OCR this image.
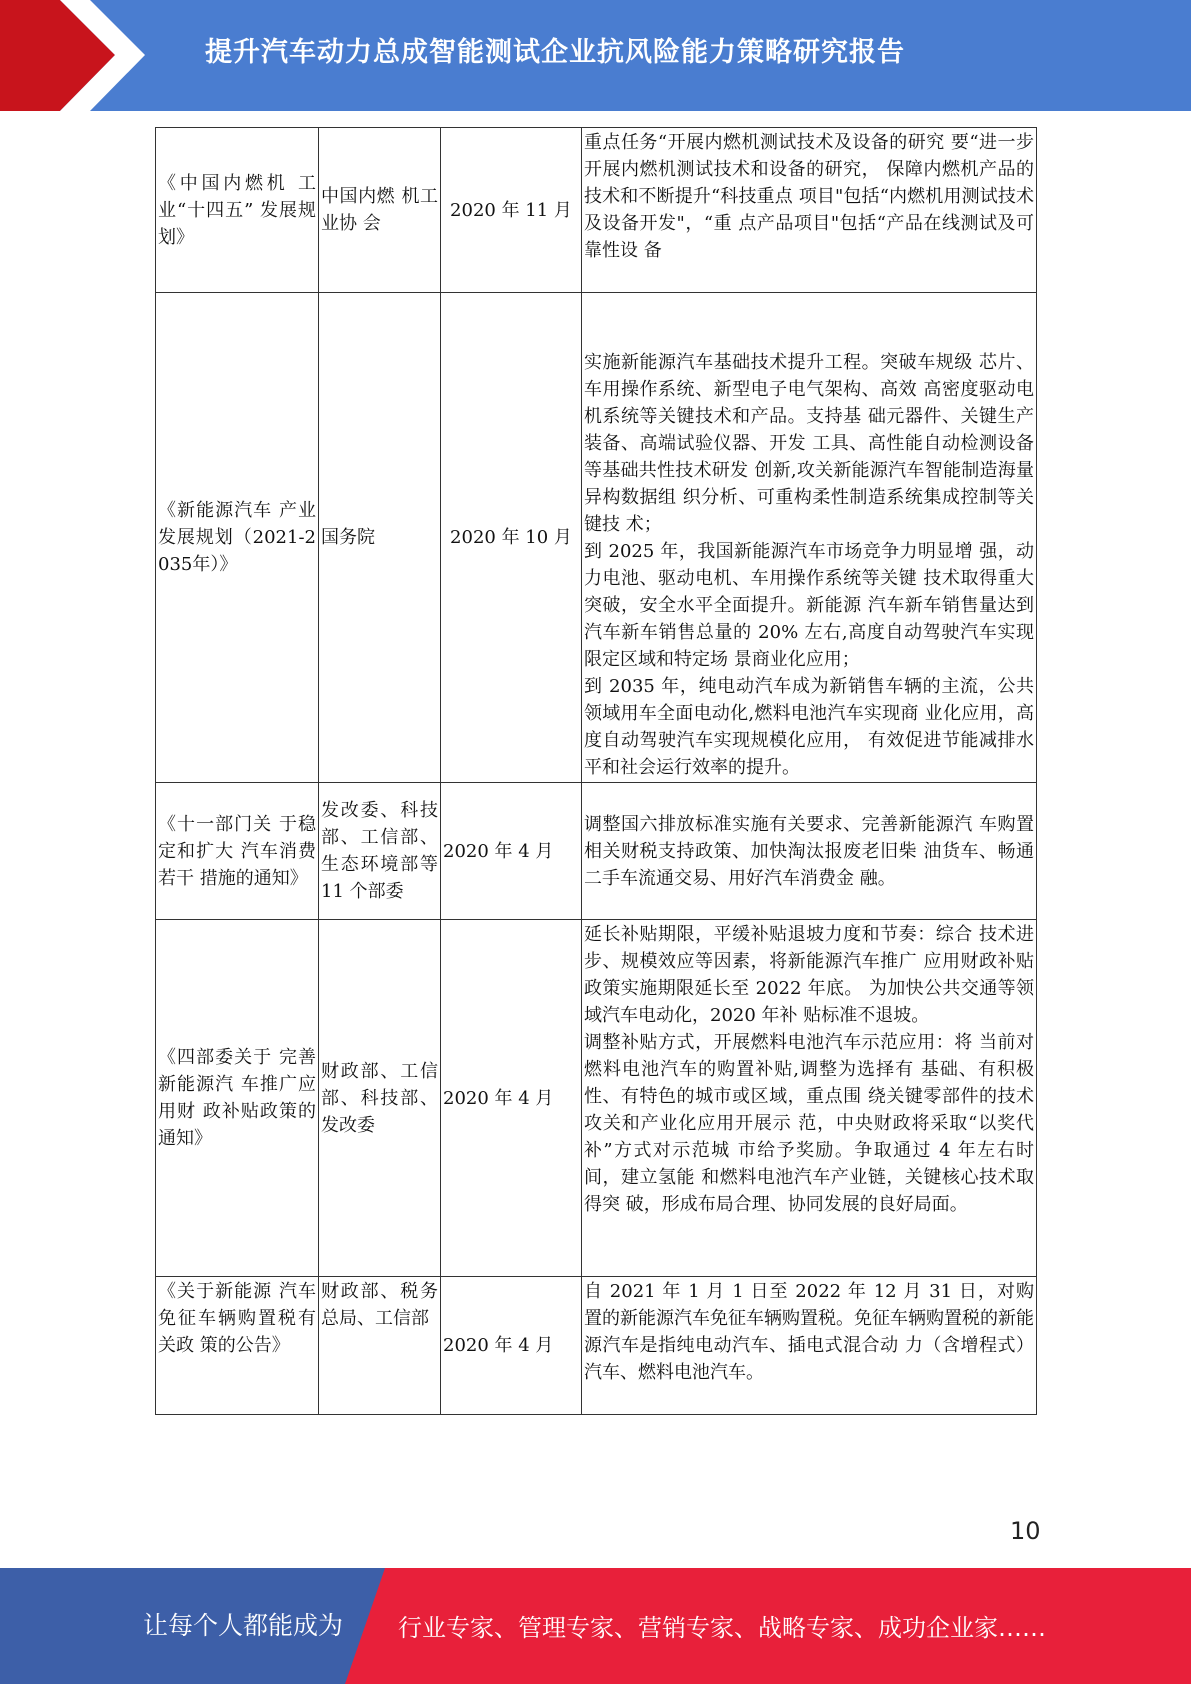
提升汽车动力总成智能测试企业抗风险能力策略研究报告
《中国内燃机 工业“十四五” 发展规划》	中国内燃 机工业协 会	2020 年 11 月	重点任务“开展内燃机测试技术及设备的研究 要“进一步开展内燃机测试技术和设备的研究， 保障内燃机产品的技术和不断提升“科技重点 项目"包括“内燃机用测试技术及设备开发"，“重 点产品项目"包括“产品在线测试及可靠性设 备

《新能源汽车 产业发展规划（2021-2035年）》	国务院	2020 年 10 月	实施新能源汽车基础技术提升工程。突破车规级 芯片、车用操作系统、新型电子电气架构、高效 高密度驱动电机系统等关键技术和产品。支持基 础元器件、关键生产装备、高端试验仪器、开发 工具、高性能自动检测设备等基础共性技术研发 创新,攻关新能源汽车智能制造海量异构数据组 织分析、可重构柔性制造系统集成控制等关键技 术；
到 2025 年，我国新能源汽车市场竞争力明显增 强，动力电池、驱动电机、车用操作系统等关键 技术取得重大突破，安全水平全面提升。新能源 汽车新车销售量达到汽车新车销售总量的 20% 左右,高度自动驾驶汽车实现限定区域和特定场 景商业化应用；
到 2035 年，纯电动汽车成为新销售车辆的主流，公共领域用车全面电动化,燃料电池汽车实现商 业化应用，高度自动驾驶汽车实现规模化应用， 有效促进节能减排水平和社会运行效率的提升。

《十一部门关 于稳定和扩大 汽车消费若干 措施的通知》	发改委、科技部、工信部、生态环境部等 11 个部委	2020 年 4 月	调整国六排放标准实施有关要求、完善新能源汽 车购置相关财税支持政策、加快淘汰报废老旧柴 油货车、畅通二手车流通交易、用好汽车消费金 融。

《四部委关于 完善新能源汽 车推广应用财 政补贴政策的 通知》	财政部、工信部、科技部、发改委	2020 年 4 月	延长补贴期限，平缓补贴退坡力度和节奏：综合 技术进步、规模效应等因素，将新能源汽车推广 应用财政补贴政策实施期限延长至 2022 年底。 为加快公共交通等领域汽车电动化，2020 年补 贴标准不退坡。
调整补贴方式，开展燃料电池汽车示范应用：将 当前对燃料电池汽车的购置补贴,调整为选择有 基础、有积极性、有特色的城市或区域，重点围 绕关键零部件的技术攻关和产业化应用开展示 范，中央财政将采取“以奖代补”方式对示范城 市给予奖励。争取通过 4 年左右时间，建立氢能 和燃料电池汽车产业链，关键核心技术取得突 破，形成布局合理、协同发展的良好局面。

《关于新能源 汽车免征车辆购置税有关政 策的公告》	财政部、税务总局、工信部	2020 年 4 月	自 2021 年 1 月 1 日至 2022 年 12 月 31 日，对购 置的新能源汽车免征车辆购置税。免征车辆购置税的新能源汽车是指纯电动汽车、插电式混合动 力（含增程式）汽车、燃料电池汽车。
10
让每个人都能成为 行业专家、管理专家、营销专家、战略专家、成功企业家……
